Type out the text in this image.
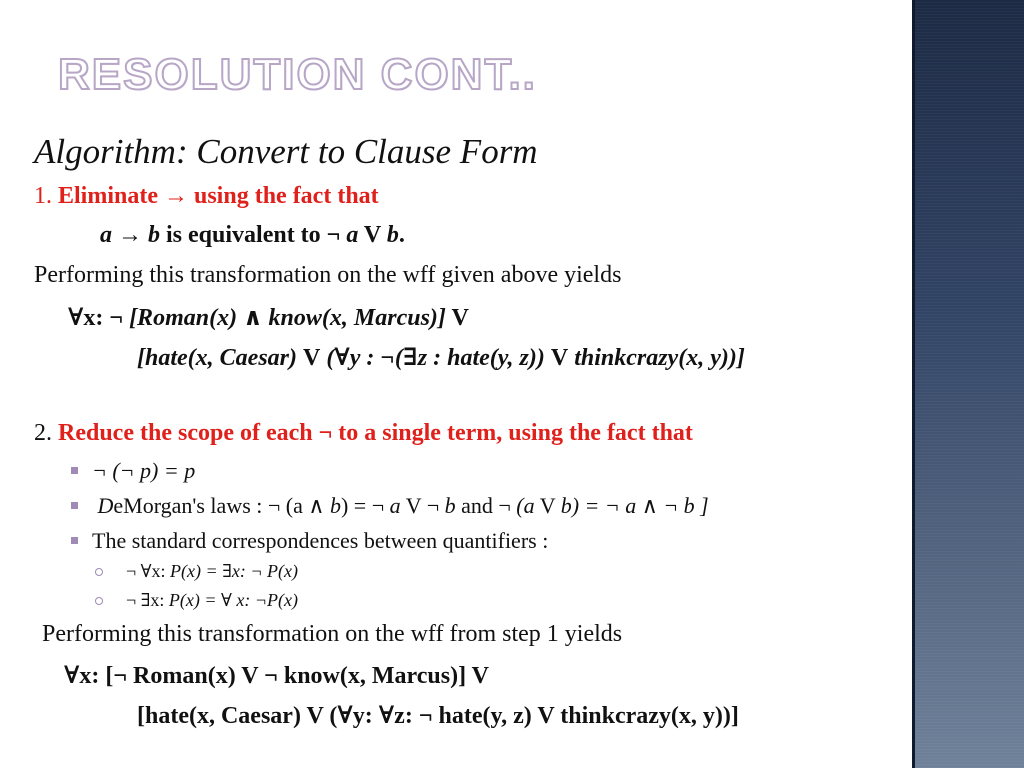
RESOLUTION CONT..
Algorithm: Convert to Clause Form
1. Eliminate → using the fact that
a → b is equivalent to ¬ a V b.
Performing this transformation on the wff given above yields
∀x: ¬ [Roman(x) ∧ know(x, Marcus)] V
[hate(x, Caesar) V (∀y : ¬(∃z : hate(y, z)) V thinkcrazy(x, y))]
2. Reduce the scope of each ¬ to a single term, using the fact that
¬ (¬ p) = p
DeMorgan's laws : ¬ (a ∧ b) = ¬ a V ¬ b and ¬ (a V b) = ¬ a ∧ ¬ b ]
The standard correspondences between quantifiers :
¬ ∀x: P(x) = ∃x: ¬ P(x)
¬ ∃x: P(x) = ∀ x: ¬P(x)
Performing this transformation on the wff from step 1 yields
∀x: [¬ Roman(x) V ¬ know(x, Marcus)] V
[hate(x, Caesar) V (∀y: ∀z: ¬ hate(y, z) V thinkcrazy(x, y))]
